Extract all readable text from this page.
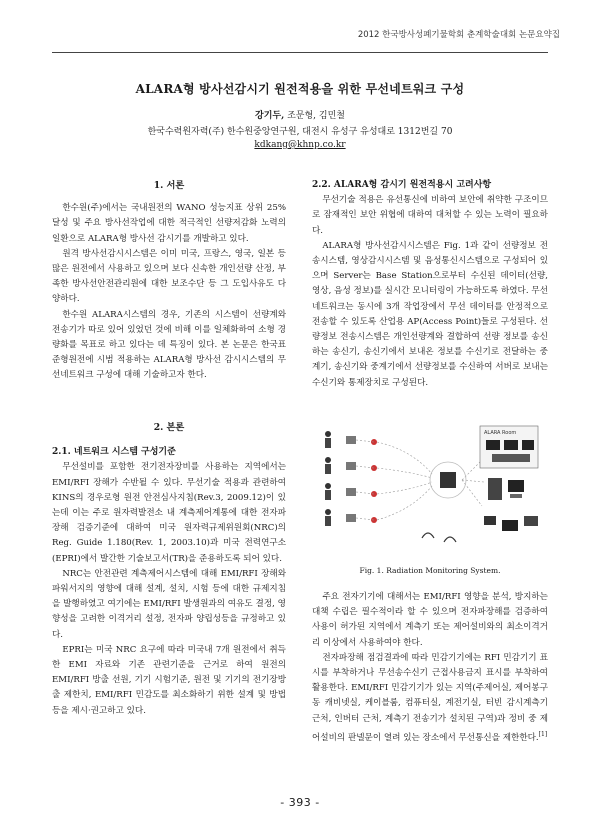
2012 한국방사성폐기물학회 춘계학술대회 논문요약집
ALARA형 방사선감시기 원전적용을 위한 무선네트워크 구성
강기두, 조문형, 김민철
한국수력원자력(주) 한수원중앙연구원, 대전시 유성구 유성대로 1312번길 70
kdkang@khnp.co.kr
1. 서론

한수원(주)에서는 국내원전의 WANO 성능지표 상위 25% 달성 및 주요 방사선작업에 대한 적극적인 선량저감화 노력의 일환으로 ALARA형 방사선 감시기를 개발하고 있다.

원격 방사선감시시스템은 이미 미국, 프랑스, 영국, 일본 등 많은 원전에서 사용하고 있으며 보다 신속한 개인선량 산정, 부족한 방사선안전관리원에 대한 보조수단 등 그 도입사유도 다양하다.

한수원 ALARA시스템의 경우, 기존의 시스템이 선량계와 전송기가 따로 있어 있었던 것에 비해 이를 일체화하여 소형 경량화를 목표로 하고 있다는 데 특징이 있다. 본 논문은 한국표준형원전에 시범 적용하는 ALARA형 방사선 감시시스템의 무선네트워크 구성에 대해 기술하고자 한다.

2. 본론
2.1. 네트워크 시스템 구성기준

무선설비를 포함한 전기전자장비를 사용하는 지역에서는 EMI/RFI 장해가 수반될 수 있다. 무선기술 적용과 관련하여 KINS의 경우로형 원전 안전심사지침(Rev.3, 2009.12)이 있는데 이는 주로 원자력발전소 내 계측제어계통에 대한 전자파 장해 검증기준에 대하여 미국 원자력규제위원회(NRC)의 Reg. Guide 1.180(Rev. 1, 2003.10)과 미국 전력연구소(EPRI)에서 발간한 기술보고서(TR)을 준용하도록 되어 있다.

NRC는 안전관련 계측제어시스템에 대해 EMI/RFI 장해와 파워서지의 영향에 대해 설계, 설치, 시험 등에 대한 규제지침을 발행하였고 여기에는 EMI/RFI 발생원과의 여유도 결정, 영향성을 고려한 이격거리 설정, 전자파 양립성등을 규정하고 있다.

EPRI는 미국 NRC 요구에 따라 미국내 7개 원전에서 취득한 EMI 자료와 기존 관련기준을 근거로 하여 원전의 EMI/RFI 방출 선원, 기기 시험기준, 원전 및 기기의 전기장방출 제한치, EMI/RFI 민감도를 최소화하기 위한 설계 및 방법 등을 제시·권고하고 있다.

2.2. ALARA형 감시기 원전적용시 고려사항

무선기술 적용은 유선통신에 비하여 보안에 취약한 구조이므로 잠재적인 보안 위협에 대하여 대처할 수 있는 노력이 필요하다.

ALARA형 방사선감시시스템은 Fig. 1과 같이 선량정보 전송시스템, 영상감시시스템 및 음성통신시스템으로 구성되어 있으며 Server는 Base Station으로부터 수신된 데이터(선량, 영상, 음성 정보)를 실시간 모니터링이 가능하도록 하였다. 무선 네트워크는 동시에 3개 작업장에서 무선 데이터를 안정적으로 전송할 수 있도록 산업용 AP(Access Point)들로 구성된다. 선량정보 전송시스템은 개인선량계와 결합하여 선량 정보를 송신하는 송신기, 송신기에서 보내온 정보를 수신기로 전달하는 중계기, 송신기와 중계기에서 선량정보를 수신하여 서버로 보내는 수신기와 통제장치로 구성된다.

ALARA Room
Fig. 1. Radiation Monitoring System.

주요 전자기기에 대해서는 EMI/RFI 영향을 분석, 방지하는 대책 수립은 필수적이라 할 수 있으며 전자파장해를 검증하여 사용이 허가된 지역에서 계측기 또는 제어설비와의 최소이격거리 이상에서 사용하여야 한다.

전자파장해 점검결과에 따라 민감기기에는 RFI 민감기기 표시를 부착하거나 무선송수신기 근접사용금지 표시를 부착하여 활용한다. EMI/RFI 민감기기가 있는 지역(주제어실, 제어봉구동 캐비넷실, 케이블룸, 컴퓨터실, 계전기실, 터빈 감시계측기 근처, 인버터 근처, 계측기 전송기가 설치된 구역)과 정비 중 제어설비의 판넬문이 열려 있는 장소에서 무선통신을 제한한다.[1]

- 393 -
